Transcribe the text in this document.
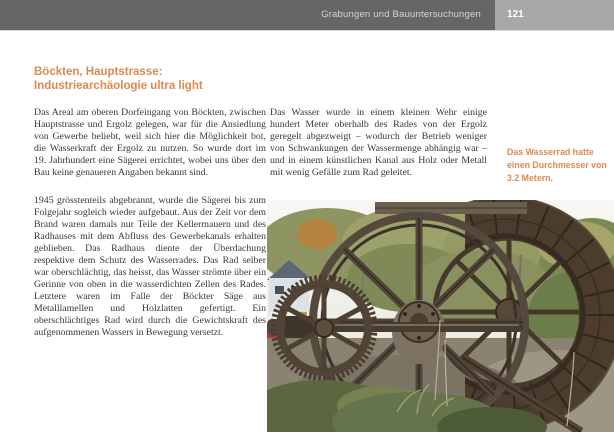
Grabungen und Bauuntersuchungen	121
Böckten, Hauptstrasse:
Industriearchäologie ultra light

Das Areal am oberen Dorfeingang von Böckten, zwischen Hauptstrasse und Ergolz gelegen, war für die Ansiedlung von Gewerbe beliebt, weil sich hier die Möglichkeit bot, die Wasserkraft der Ergolz zu nutzen. So wurde dort im 19. Jahrhundert eine Sägerei errichtet, wobei uns über den Bau keine genaueren Angaben bekannt sind.

1945 grösstenteils abgebrannt, wurde die Sägerei bis zum Folgejahr sogleich wieder aufgebaut. Aus der Zeit vor dem Brand waren damals nur Teile der Kellermauern und des Radhauses mit dem Abfluss des Gewerbekanals erhalten geblieben. Das Radhaus diente der Überdachung respektive dem Schutz des Wasserrades. Das Rad selber war oberschlächtig, das heisst, das Wasser strömte über ein Gerinne von oben in die wasserdichten Zellen des Rades. Letztere waren im Falle der Böckter Säge aus Metalllamellen und Holzlatten gefertigt. Ein oberschlächtiges Rad wird durch die Gewichtskraft des aufgenommenen Wassers in Bewegung versetzt.

Das Wasser wurde in einem kleinen Wehr einige hundert Meter oberhalb des Rades von der Ergolz geregelt abgezweigt – wodurch der Betrieb weniger von Schwankungen der Wassermenge abhängig war – und in einem künstlichen Kanal aus Holz oder Metall mit wenig Gefälle zum Rad geleitet.

Das Wasserrad hatte einen Durchmesser von 3.2 Metern.
